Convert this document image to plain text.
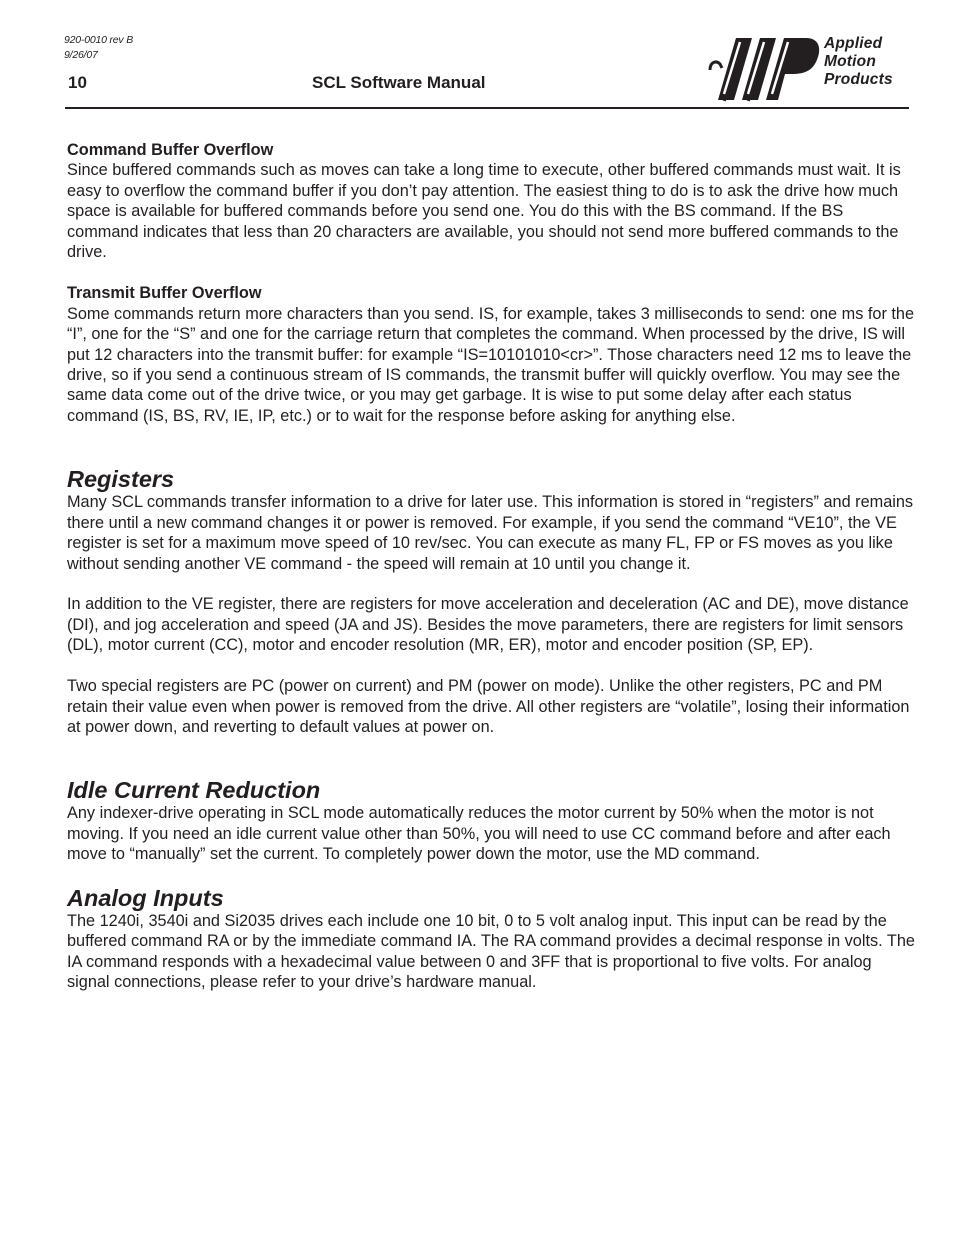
920-0010 rev B
9/26/07
10	SCL Software Manual
Applied
Motion
Products
Command Buffer Overflow

Since buffered commands such as moves can take a long time to execute, other buffered commands must wait. It is easy to overflow the command buffer if you don’t pay attention. The easiest thing to do is to ask the drive how much space is available for buffered commands before you send one. You do this with the BS command. If the BS command indicates that less than 20 characters are available, you should not send more buffered commands to the drive.

Transmit Buffer Overflow

Some commands return more characters than you send. IS, for example, takes 3 milliseconds to send: one ms for the “I”, one for the “S” and one for the carriage return that completes the command. When processed by the drive, IS will put 12 characters into the transmit buffer: for example “IS=10101010<cr>”. Those characters need 12 ms to leave the drive, so if you send a continuous stream of IS commands, the transmit buffer will quickly overflow. You may see the same data come out of the drive twice, or you may get garbage. It is wise to put some delay after each status command (IS, BS, RV, IE, IP, etc.) or to wait for the response before asking for anything else.

Registers

Many SCL commands transfer information to a drive for later use. This information is stored in “registers” and remains there until a new command changes it or power is removed. For example, if you send the command “VE10”, the VE register is set for a maximum move speed of 10 rev/sec. You can execute as many FL, FP or FS moves as you like without sending another VE command - the speed will remain at 10 until you change it.

In addition to the VE register, there are registers for move acceleration and deceleration (AC and DE), move distance (DI), and jog acceleration and speed (JA and JS). Besides the move parameters, there are registers for limit sensors (DL), motor current (CC), motor and encoder resolution (MR, ER), motor and encoder position (SP, EP).

Two special registers are PC (power on current) and PM (power on mode). Unlike the other registers, PC and PM retain their value even when power is removed from the drive. All other registers are “volatile”, losing their information at power down, and reverting to default values at power on.

Idle Current Reduction

Any indexer-drive operating in SCL mode automatically reduces the motor current by 50% when the motor is not moving. If you need an idle current value other than 50%, you will need to use CC command before and after each move to “manually” set the current. To completely power down the motor, use the MD command.

Analog Inputs

The 1240i, 3540i and Si2035 drives each include one 10 bit, 0 to 5 volt analog input. This input can be read by the buffered command RA or by the immediate command IA. The RA command provides a decimal response in volts. The IA command responds with a hexadecimal value between 0 and 3FF that is proportional to five volts. For analog signal connections, please refer to your drive’s hardware manual.
